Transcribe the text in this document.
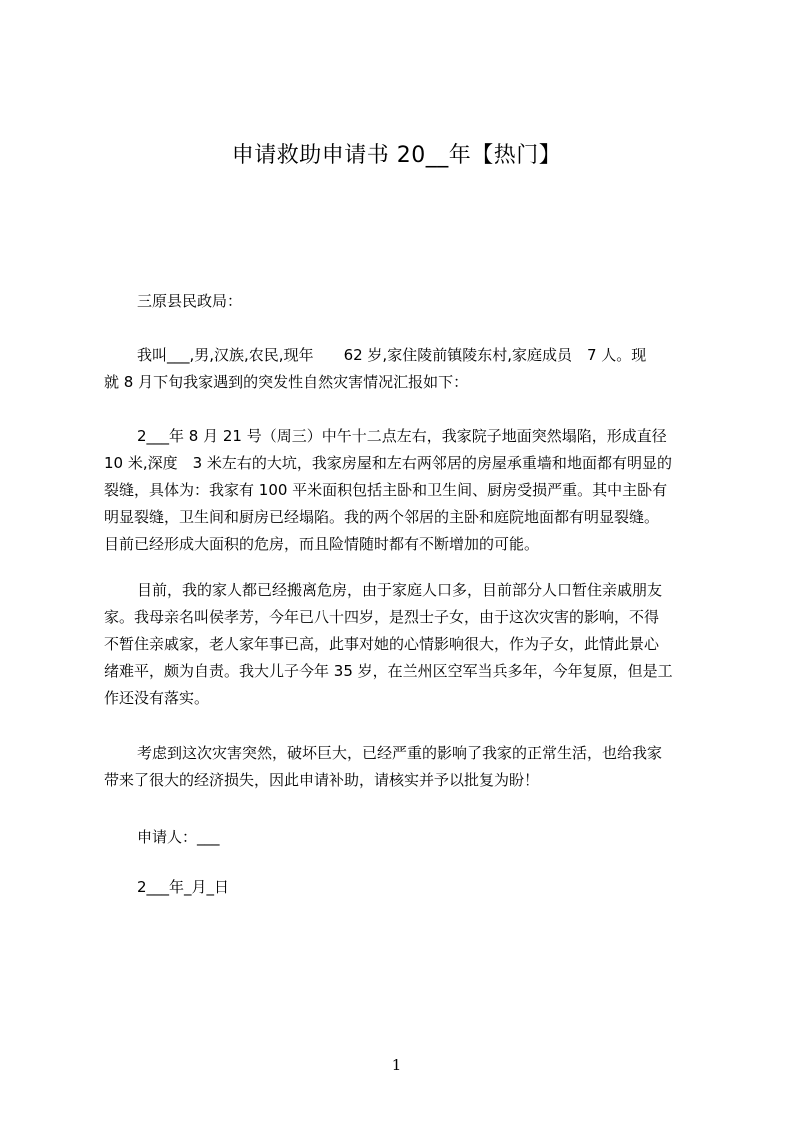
申请救助申请书 20__年【热门】
三原县民政局：
我叫___,男,汉族,农民,现年　　62 岁,家住陵前镇陵东村,家庭成员　7 人。现
就 8 月下旬我家遇到的突发性自然灾害情况汇报如下：
2___年 8 月 21 号（周三）中午十二点左右，我家院子地面突然塌陷，形成直径
10 米,深度　3 米左右的大坑，我家房屋和左右两邻居的房屋承重墙和地面都有明显的
裂缝，具体为：我家有 100 平米面积包括主卧和卫生间、厨房受损严重。其中主卧有
明显裂缝，卫生间和厨房已经塌陷。我的两个邻居的主卧和庭院地面都有明显裂缝。
目前已经形成大面积的危房，而且险情随时都有不断增加的可能。
目前，我的家人都已经搬离危房，由于家庭人口多，目前部分人口暂住亲戚朋友
家。我母亲名叫侯孝芳，今年已八十四岁，是烈士子女，由于这次灾害的影响，不得
不暂住亲戚家，老人家年事已高，此事对她的心情影响很大，作为子女，此情此景心
绪难平，颇为自责。我大儿子今年 35 岁，在兰州区空军当兵多年，今年复原，但是工
作还没有落实。
考虑到这次灾害突然，破坏巨大，已经严重的影响了我家的正常生活，也给我家
带来了很大的经济损失，因此申请补助，请核实并予以批复为盼！
申请人：___
2___年_月_日
1
